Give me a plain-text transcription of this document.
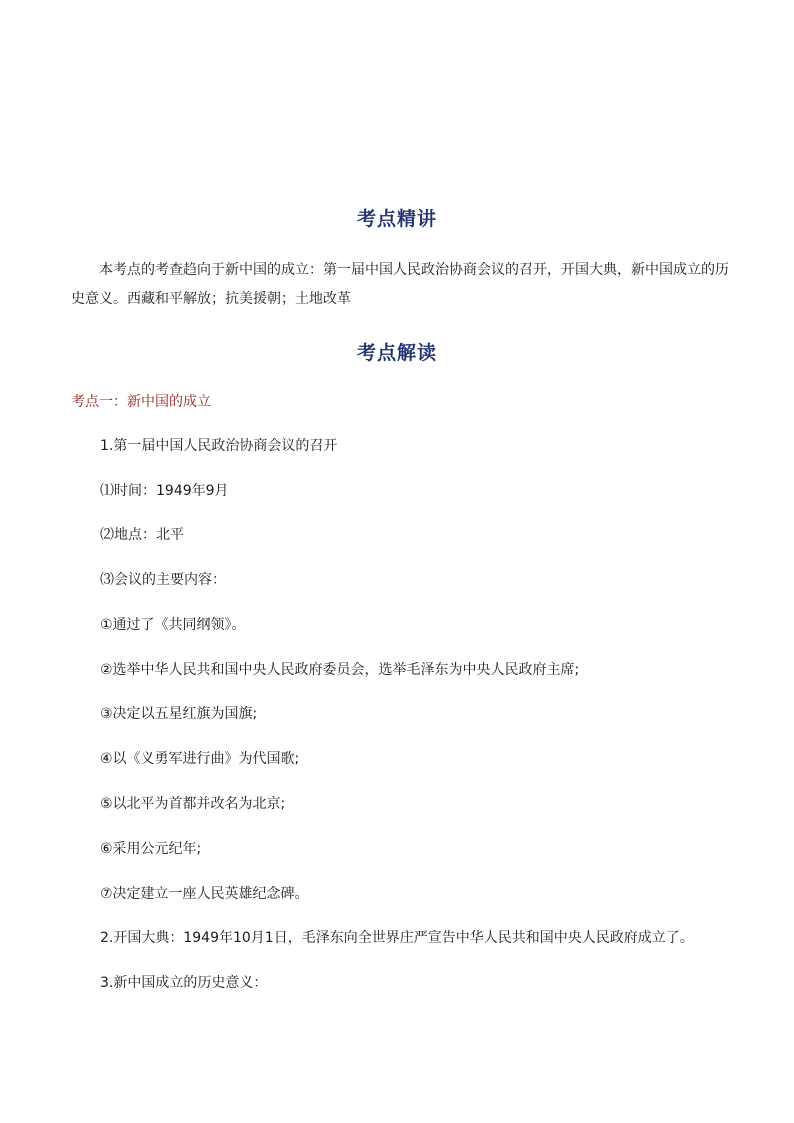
考点精讲

本考点的考查趋向于新中国的成立：第一届中国人民政治协商会议的召开，开国大典，新中国成立的历史意义。西藏和平解放；抗美援朝；土地改革

考点解读

考点一：新中国的成立

1.第一届中国人民政治协商会议的召开

⑴时间：1949年9月

⑵地点：北平

⑶会议的主要内容：

①通过了《共同纲领》。

②选举中华人民共和国中央人民政府委员会，选举毛泽东为中央人民政府主席;

③决定以五星红旗为国旗;

④以《义勇军进行曲》为代国歌;

⑤以北平为首都并改名为北京;

⑥采用公元纪年;

⑦决定建立一座人民英雄纪念碑。

2.开国大典：1949年10月1日，毛泽东向全世界庄严宣告中华人民共和国中央人民政府成立了。

3.新中国成立的历史意义：
